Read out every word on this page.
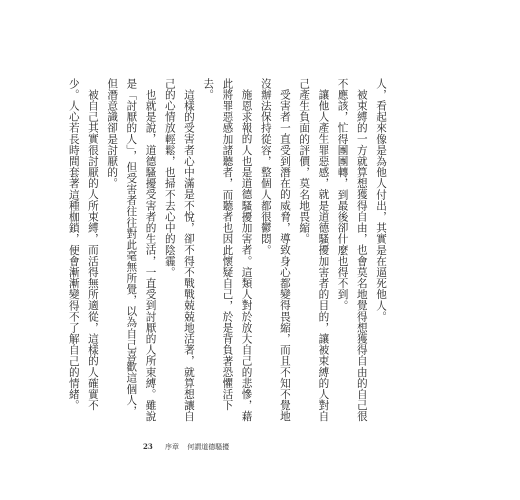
人，看起來像是為他人付出，其實是在逼死他人。

被束縛的一方就算想獲得自由，也會莫名地覺得想獲得自由的自己很不應該，忙得團團轉，到最後卻什麼也得不到。

讓他人產生罪惡感，就是道德騷擾加害者的目的，讓被束縛的人對自己產生負面的評價，莫名地畏縮。

受害者一直受到潛在的威脅，導致身心都變得畏縮，而且不知不覺地沒辦法保持從容，整個人都很鬱悶。

施恩求報的人也是道德騷擾加害者。這類人對於放大自己的悲慘，藉此將罪惡感加諸聽者，而聽者也因此懷疑自己，於是背負著恐懼活下去。

這樣的受害者心中滿是不悅，卻不得不戰戰兢兢地活著，就算想讓自己的心情放輕鬆，也掃不去心中的陰霾。

也就是說，道德騷擾受害者的生活，一直受到討厭的人所束縛。雖說是「討厭的人」，但受害者往往對此毫無所覺，以為自己喜歡這個人，但潛意識卻是討厭的。

被自己其實很討厭的人所束縛，而活得無所適從，這樣的人確實不少。人心若長時間套著這種枷鎖，便會漸漸變得不了解自己的情緒。

23 序章 何謂道德騷擾
